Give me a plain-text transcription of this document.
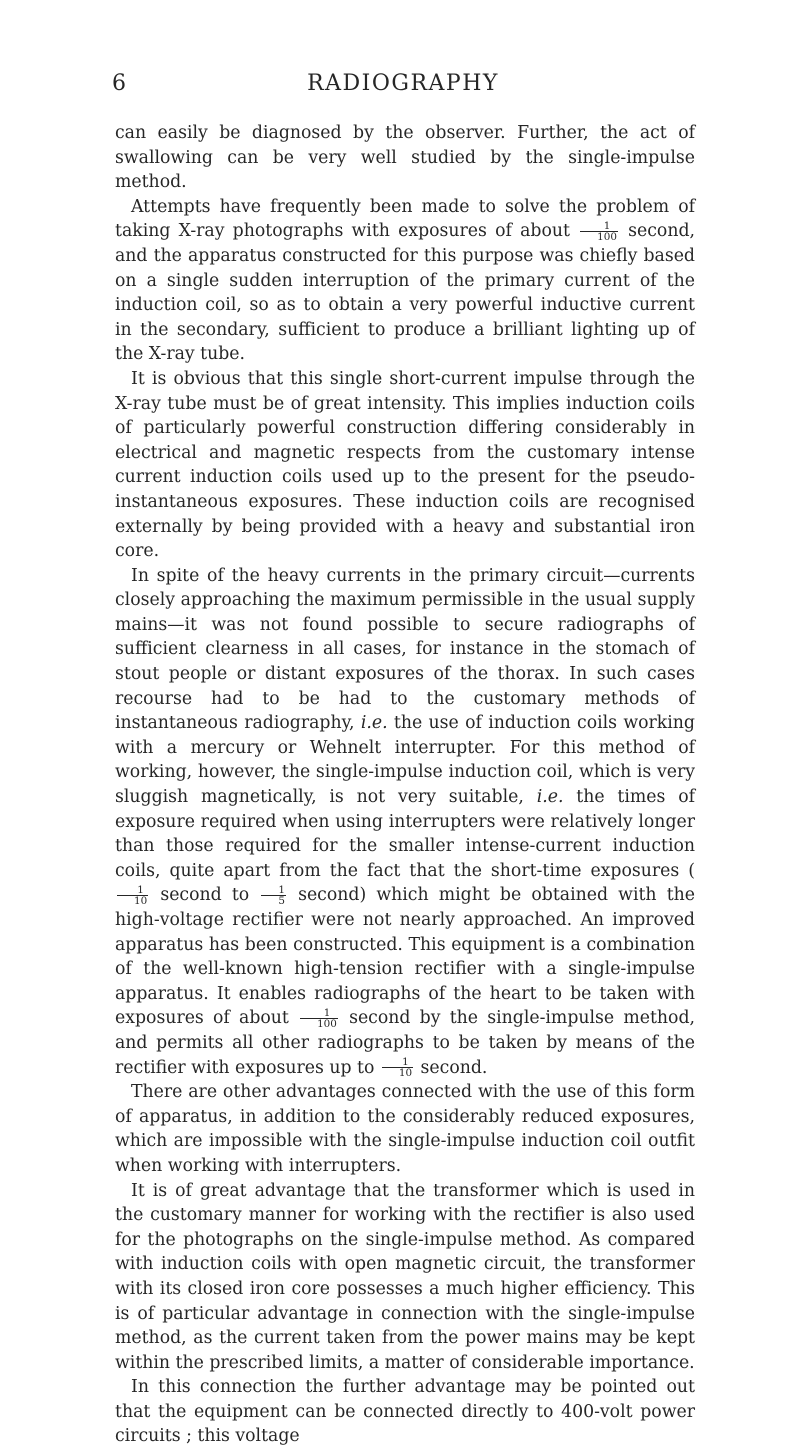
6	RADIOGRAPHY

can easily be diagnosed by the observer. Further, the act of swallowing can be very well studied by the single-impulse method.

Attempts have frequently been made to solve the problem of taking X-ray photographs with exposures of about $\frac{1}{100}$ second, and the apparatus constructed for this purpose was chiefly based on a single sudden interruption of the primary current of the induction coil, so as to obtain a very powerful inductive current in the secondary, sufficient to produce a brilliant lighting up of the X-ray tube.

It is obvious that this single short-current impulse through the X-ray tube must be of great intensity. This implies induction coils of particularly powerful construction differing considerably in electrical and magnetic respects from the customary intense current induction coils used up to the present for the pseudo-instantaneous exposures. These induction coils are recognised externally by being provided with a heavy and substantial iron core.

In spite of the heavy currents in the primary circuit—currents closely approaching the maximum permissible in the usual supply mains—it was not found possible to secure radiographs of sufficient clearness in all cases, for instance in the stomach of stout people or distant exposures of the thorax. In such cases recourse had to be had to the customary methods of instantaneous radiography, i.e. the use of induction coils working with a mercury or Wehnelt interrupter. For this method of working, however, the single-impulse induction coil, which is very sluggish magnetically, is not very suitable, i.e. the times of exposure required when using interrupters were relatively longer than those required for the smaller intense-current induction coils, quite apart from the fact that the short-time exposures (
$\frac{1}{10}$ second to $\frac{1}{5}$ second) which might be obtained with the high-voltage rectifier were not nearly approached. An improved apparatus has been constructed. This equipment is a combination of the well-known high-tension rectifier with a single-impulse apparatus. It enables radiographs of the heart to be taken with exposures of about $\frac{1}{100}$ second by the single-impulse method, and permits all other radiographs to be taken by means of the rectifier with exposures up to $\frac{1}{10}$ second.

There are other advantages connected with the use of this form of apparatus, in addition to the considerably reduced exposures, which are impossible with the single-impulse induction coil outfit when working with interrupters.

It is of great advantage that the transformer which is used in the customary manner for working with the rectifier is also used for the photographs on the single-impulse method. As compared with induction coils with open magnetic circuit, the transformer with its closed iron core possesses a much higher efficiency. This is of particular advantage in connection with the single-impulse method, as the current taken from the power mains may be kept within the prescribed limits, a matter of considerable importance.

In this connection the further advantage may be pointed out that the equipment can be connected directly to 400-volt power circuits ; this voltage
